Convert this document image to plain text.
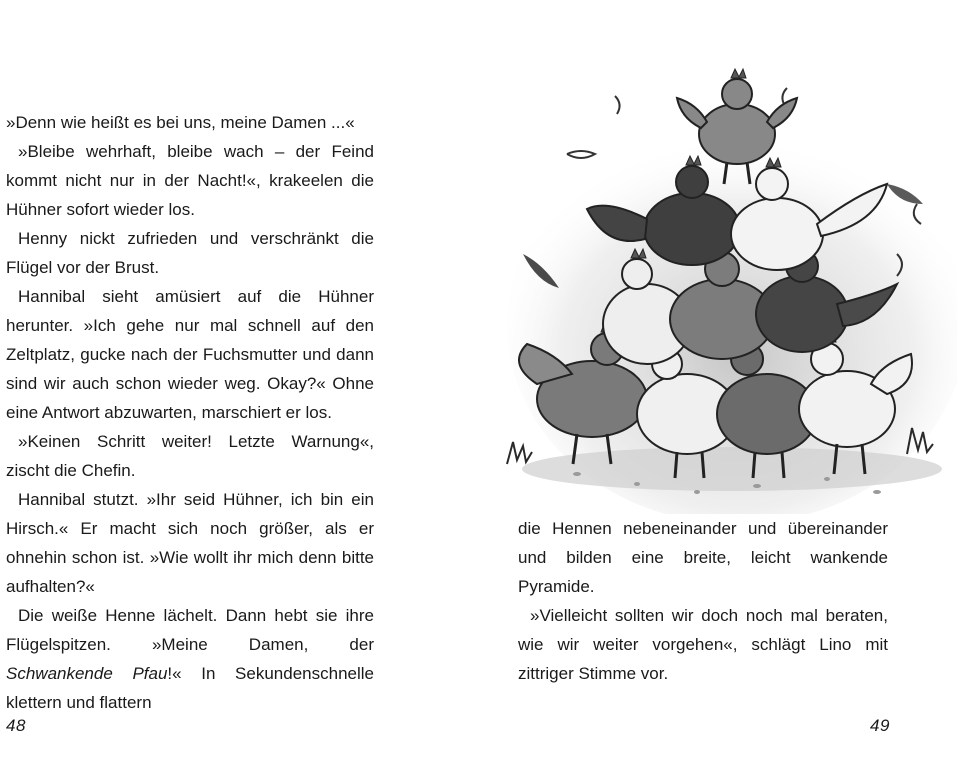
»Denn wie heißt es bei uns, meine Damen ...«

»Bleibe wehrhaft, bleibe wach – der Feind kommt nicht nur in der Nacht!«, krakeelen die Hühner sofort wieder los.

Henny nickt zufrieden und verschränkt die Flügel vor der Brust.

Hannibal sieht amüsiert auf die Hühner herunter. »Ich gehe nur mal schnell auf den Zeltplatz, gucke nach der Fuchsmutter und dann sind wir auch schon wieder weg. Okay?« Ohne eine Antwort abzuwarten, marschiert er los.

»Keinen Schritt weiter! Letzte Warnung«, zischt die Chefin.

Hannibal stutzt. »Ihr seid Hühner, ich bin ein Hirsch.« Er macht sich noch größer, als er ohnehin schon ist. »Wie wollt ihr mich denn bitte aufhalten?«

Die weiße Henne lächelt. Dann hebt sie ihre Flügelspitzen. »Meine Damen, der Schwankende Pfau!« In Sekundenschnelle klettern und flattern

48

die Hennen nebeneinander und übereinander und bilden eine breite, leicht wankende Pyramide.

»Vielleicht sollten wir doch noch mal beraten, wie wir weiter vorgehen«, schlägt Lino mit zittriger Stimme vor.

49
